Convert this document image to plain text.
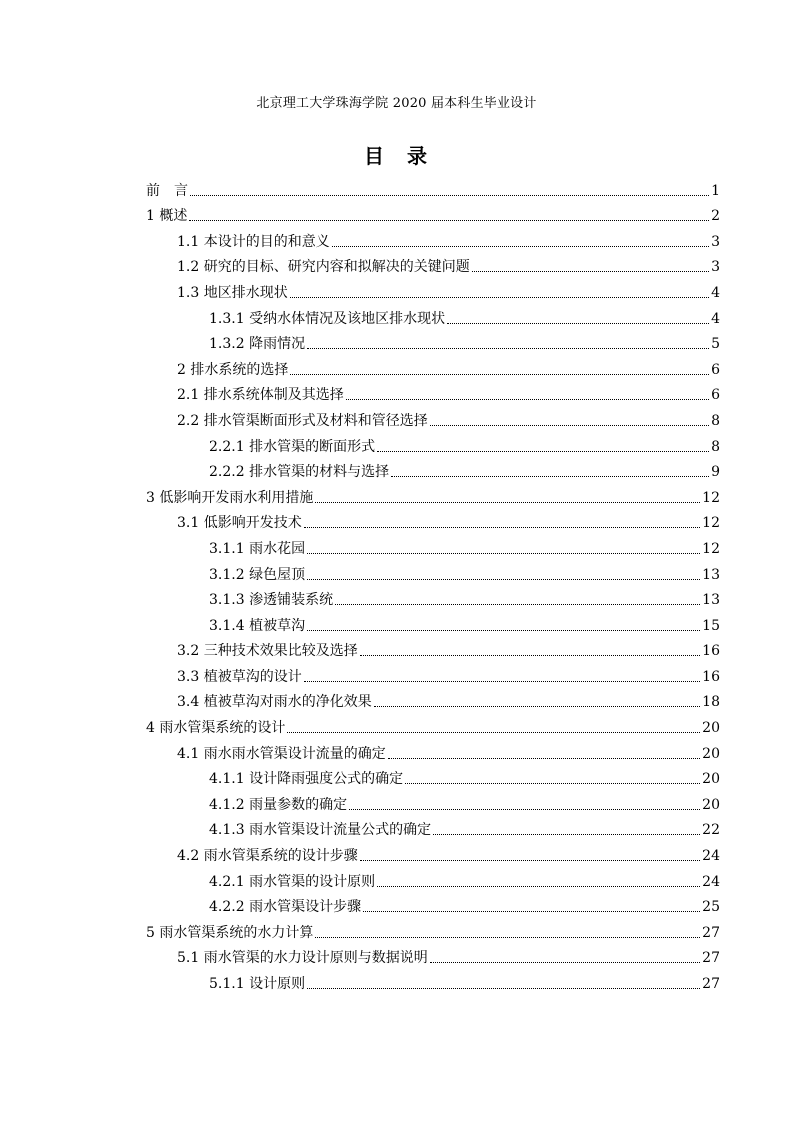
北京理工大学珠海学院 2020 届本科生毕业设计
目 录
前　言	1
1 概述	2
1.1 本设计的目的和意义	3
1.2 研究的目标、研究内容和拟解决的关键问题	3
1.3 地区排水现状	4
1.3.1 受纳水体情况及该地区排水现状	4
1.3.2 降雨情况	5
2 排水系统的选择	6
2.1 排水系统体制及其选择	6
2.2 排水管渠断面形式及材料和管径选择	8
2.2.1 排水管渠的断面形式	8
2.2.2 排水管渠的材料与选择	9
3 低影响开发雨水利用措施	12
3.1 低影响开发技术	12
3.1.1 雨水花园	12
3.1.2 绿色屋顶	13
3.1.3 渗透铺装系统	13
3.1.4 植被草沟	15
3.2 三种技术效果比较及选择	16
3.3 植被草沟的设计	16
3.4 植被草沟对雨水的净化效果	18
4 雨水管渠系统的设计	20
4.1 雨水雨水管渠设计流量的确定	20
4.1.1 设计降雨强度公式的确定	20
4.1.2 雨量参数的确定	20
4.1.3 雨水管渠设计流量公式的确定	22
4.2 雨水管渠系统的设计步骤	24
4.2.1 雨水管渠的设计原则	24
4.2.2 雨水管渠设计步骤	25
5 雨水管渠系统的水力计算	27
5.1 雨水管渠的水力设计原则与数据说明	27
5.1.1 设计原则	27
